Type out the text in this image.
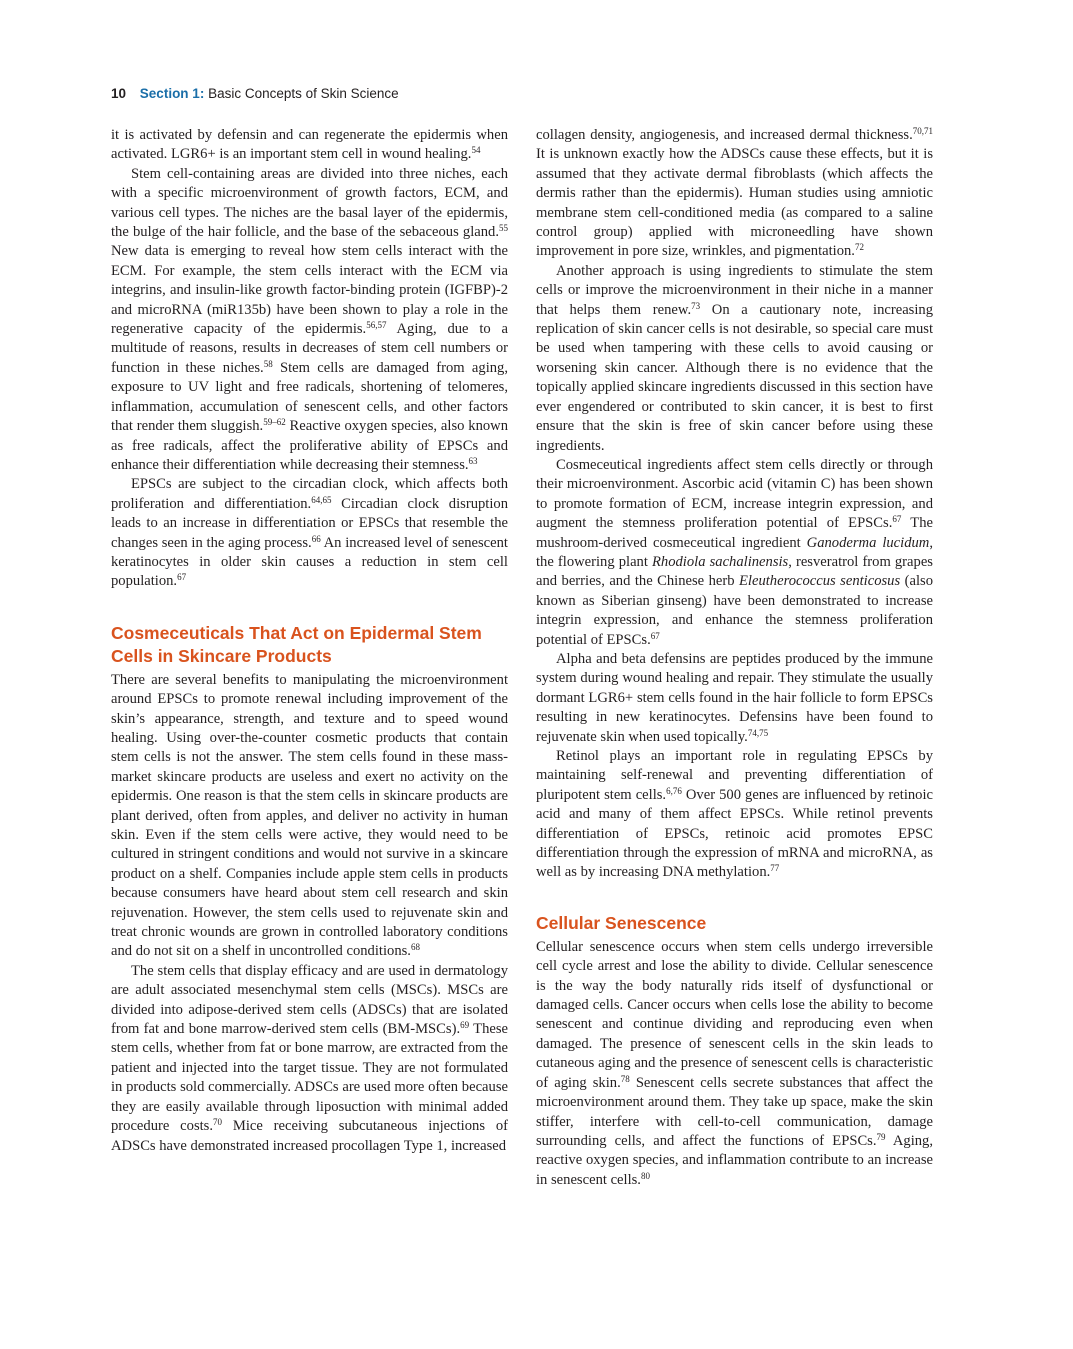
10 Section 1: Basic Concepts of Skin Science

it is activated by defensin and can regenerate the epidermis when activated. LGR6+ is an important stem cell in wound healing.$^{54}$

Stem cell-containing areas are divided into three niches, each with a specific microenvironment of growth factors, ECM, and various cell types. The niches are the basal layer of the epidermis, the bulge of the hair follicle, and the base of the sebaceous gland.$^{55}$ New data is emerging to reveal how stem cells interact with the ECM. For example, the stem cells interact with the ECM via integrins, and insulin-like growth factor-binding protein (IGFBP)-2 and microRNA (miR135b) have been shown to play a role in the regenerative capacity of the epidermis.$^{56,57}$ Aging, due to a multitude of reasons, results in decreases of stem cell numbers or function in these niches.$^{58}$ Stem cells are damaged from aging, exposure to UV light and free radicals, shortening of telomeres, inflammation, accumulation of senescent cells, and other factors that render them sluggish.$^{59-62}$ Reactive oxygen species, also known as free radicals, affect the proliferative ability of EPSCs and enhance their differentiation while decreasing their stemness.$^{63}$

EPSCs are subject to the circadian clock, which affects both proliferation and differentiation.$^{64,65}$ Circadian clock disruption leads to an increase in differentiation or EPSCs that resemble the changes seen in the aging process.$^{66}$ An increased level of senescent keratinocytes in older skin causes a reduction in stem cell population.$^{67}$

Cosmeceuticals That Act on Epidermal Stem Cells in Skincare Products

There are several benefits to manipulating the microenvironment around EPSCs to promote renewal including improvement of the skin’s appearance, strength, and texture and to speed wound healing. Using over-the-counter cosmetic products that contain stem cells is not the answer. The stem cells found in these mass-market skincare products are useless and exert no activity on the epidermis. One reason is that the stem cells in skincare products are plant derived, often from apples, and deliver no activity in human skin. Even if the stem cells were active, they would need to be cultured in stringent conditions and would not survive in a skincare product on a shelf. Companies include apple stem cells in products because consumers have heard about stem cell research and skin rejuvenation. However, the stem cells used to rejuvenate skin and treat chronic wounds are grown in controlled laboratory conditions and do not sit on a shelf in uncontrolled conditions.$^{68}$

The stem cells that display efficacy and are used in dermatology are adult associated mesenchymal stem cells (MSCs). MSCs are divided into adipose-derived stem cells (ADSCs) that are isolated from fat and bone marrow-derived stem cells (BM-MSCs).$^{69}$ These stem cells, whether from fat or bone marrow, are extracted from the patient and injected into the target tissue. They are not formulated in products sold commercially. ADSCs are used more often because they are easily available through liposuction with minimal added procedure costs.$^{70}$ Mice receiving subcutaneous injections of ADSCs have demonstrated increased procollagen Type 1, increased

collagen density, angiogenesis, and increased dermal thickness.$^{70,71}$ It is unknown exactly how the ADSCs cause these effects, but it is assumed that they activate dermal fibroblasts (which affects the dermis rather than the epidermis). Human studies using amniotic membrane stem cell-conditioned media (as compared to a saline control group) applied with microneedling have shown improvement in pore size, wrinkles, and pigmentation.$^{72}$

Another approach is using ingredients to stimulate the stem cells or improve the microenvironment in their niche in a manner that helps them renew.$^{73}$ On a cautionary note, increasing replication of skin cancer cells is not desirable, so special care must be used when tampering with these cells to avoid causing or worsening skin cancer. Although there is no evidence that the topically applied skincare ingredients discussed in this section have ever engendered or contributed to skin cancer, it is best to first ensure that the skin is free of skin cancer before using these ingredients.

Cosmeceutical ingredients affect stem cells directly or through their microenvironment. Ascorbic acid (vitamin C) has been shown to promote formation of ECM, increase integrin expression, and augment the stemness proliferation potential of EPSCs.$^{67}$ The mushroom-derived cosmeceutical ingredient Ganoderma lucidum, the flowering plant Rhodiola sachalinensis, resveratrol from grapes and berries, and the Chinese herb Eleutherococcus senticosus (also known as Siberian ginseng) have been demonstrated to increase integrin expression, and enhance the stemness proliferation potential of EPSCs.$^{67}$

Alpha and beta defensins are peptides produced by the immune system during wound healing and repair. They stimulate the usually dormant LGR6+ stem cells found in the hair follicle to form EPSCs resulting in new keratinocytes. Defensins have been found to rejuvenate skin when used topically.$^{74,75}$

Retinol plays an important role in regulating EPSCs by maintaining self-renewal and preventing differentiation of pluripotent stem cells.$^{6,76}$ Over 500 genes are influenced by retinoic acid and many of them affect EPSCs. While retinol prevents differentiation of EPSCs, retinoic acid promotes EPSC differentiation through the expression of mRNA and microRNA, as well as by increasing DNA methylation.$^{77}$

Cellular Senescence

Cellular senescence occurs when stem cells undergo irreversible cell cycle arrest and lose the ability to divide. Cellular senescence is the way the body naturally rids itself of dysfunctional or damaged cells. Cancer occurs when cells lose the ability to become senescent and continue dividing and reproducing even when damaged. The presence of senescent cells in the skin leads to cutaneous aging and the presence of senescent cells is characteristic of aging skin.$^{78}$ Senescent cells secrete substances that affect the microenvironment around them. They take up space, make the skin stiffer, interfere with cell-to-cell communication, damage surrounding cells, and affect the functions of EPSCs.$^{79}$ Aging, reactive oxygen species, and inflammation contribute to an increase in senescent cells.$^{80}$
